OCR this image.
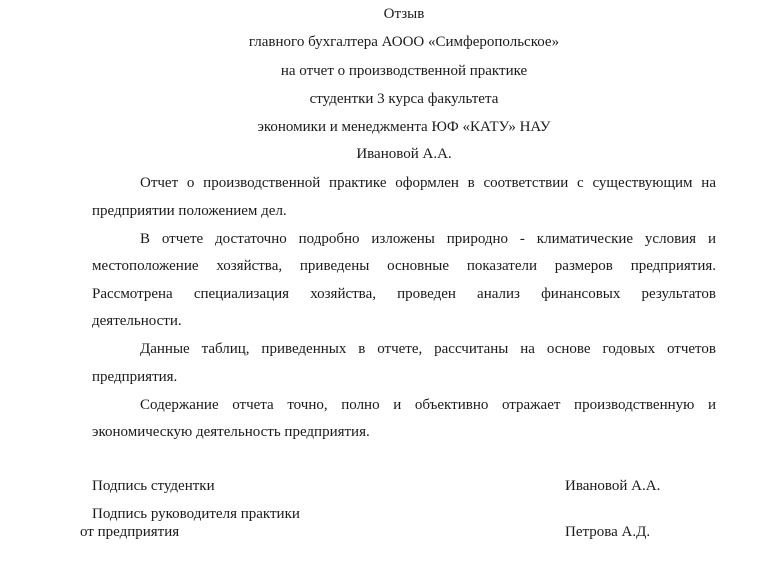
Отзыв
главного бухгалтера АООО «Симферопольское»
на отчет о производственной практике
студентки 3 курса факультета
экономики и менеджмента ЮФ «КАТУ» НАУ
Ивановой А.А.
Отчет о производственной практике оформлен в соответствии с существующим на
предприятии положением дел.
В отчете достаточно подробно изложены природно - климатические условия и
местоположение хозяйства, приведены основные показатели размеров предприятия.
Рассмотрена специализация хозяйства, проведен анализ финансовых результатов
деятельности.
Данные таблиц, приведенных в отчете, рассчитаны на основе годовых отчетов
предприятия.
Содержание отчета точно, полно и объективно отражает производственную и
экономическую деятельность предприятия.
Подпись студентки	Ивановой А.А.
Подпись руководителя практики
от предприятия	Петрова А.Д.
